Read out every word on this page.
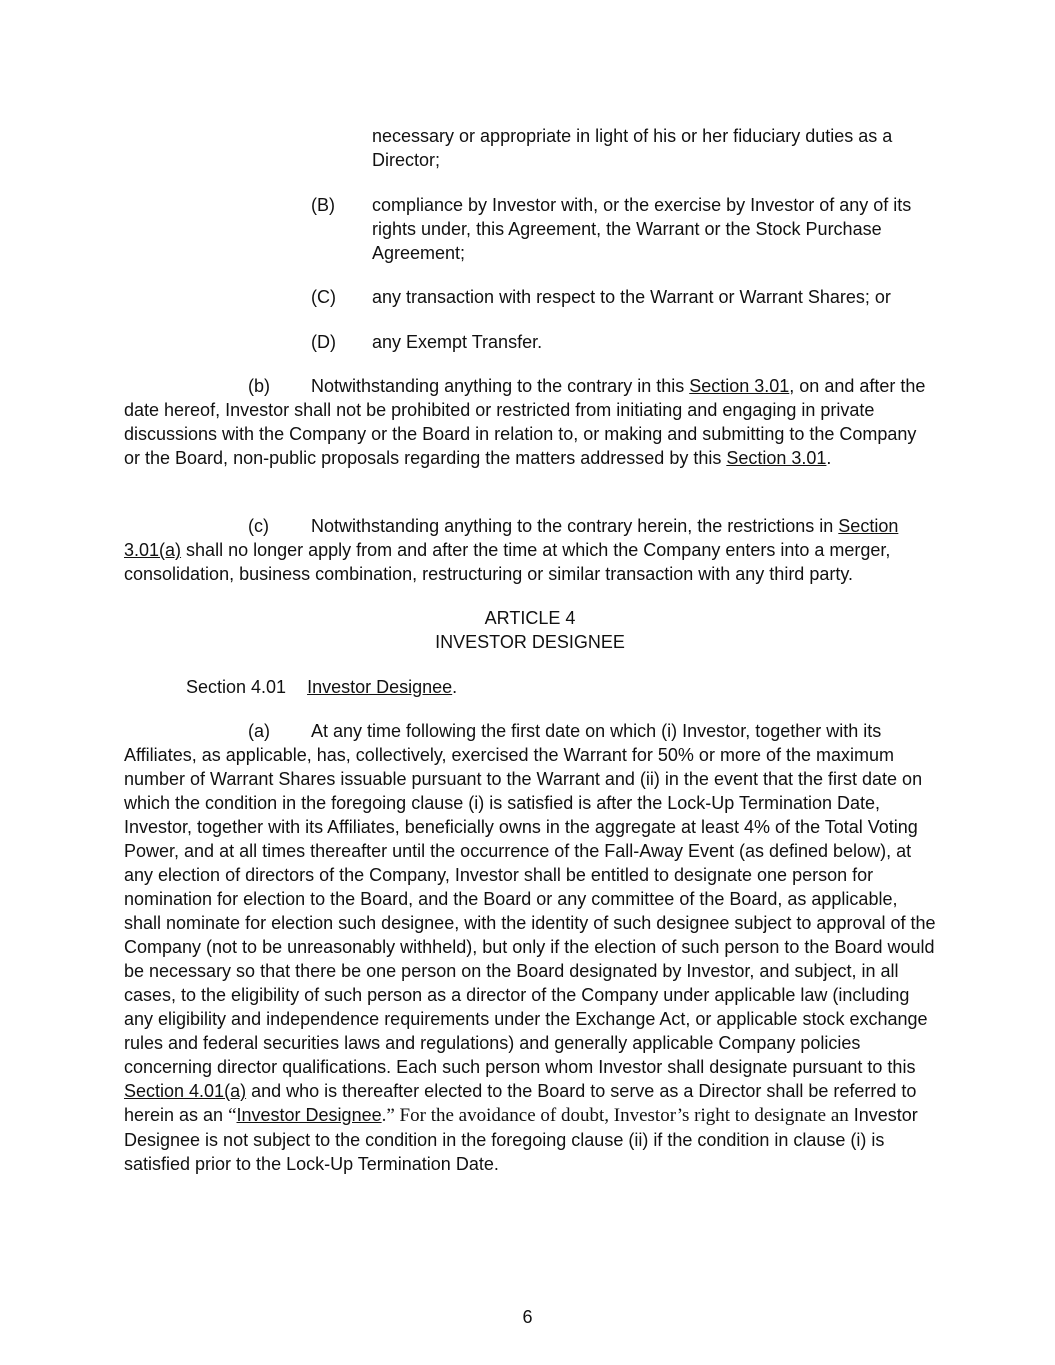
necessary or appropriate in light of his or her fiduciary duties as a Director;
(B) compliance by Investor with, or the exercise by Investor of any of its rights under, this Agreement, the Warrant or the Stock Purchase Agreement;
(C) any transaction with respect to the Warrant or Warrant Shares; or
(D) any Exempt Transfer.
(b) Notwithstanding anything to the contrary in this Section 3.01, on and after the date hereof, Investor shall not be prohibited or restricted from initiating and engaging in private discussions with the Company or the Board in relation to, or making and submitting to the Company or the Board, non-public proposals regarding the matters addressed by this Section 3.01.
(c) Notwithstanding anything to the contrary herein, the restrictions in Section 3.01(a) shall no longer apply from and after the time at which the Company enters into a merger, consolidation, business combination, restructuring or similar transaction with any third party.
ARTICLE 4
INVESTOR DESIGNEE
Section 4.01 Investor Designee.
(a) At any time following the first date on which (i) Investor, together with its Affiliates, as applicable, has, collectively, exercised the Warrant for 50% or more of the maximum number of Warrant Shares issuable pursuant to the Warrant and (ii) in the event that the first date on which the condition in the foregoing clause (i) is satisfied is after the Lock-Up Termination Date, Investor, together with its Affiliates, beneficially owns in the aggregate at least 4% of the Total Voting Power, and at all times thereafter until the occurrence of the Fall-Away Event (as defined below), at any election of directors of the Company, Investor shall be entitled to designate one person for nomination for election to the Board, and the Board or any committee of the Board, as applicable, shall nominate for election such designee, with the identity of such designee subject to approval of the Company (not to be unreasonably withheld), but only if the election of such person to the Board would be necessary so that there be one person on the Board designated by Investor, and subject, in all cases, to the eligibility of such person as a director of the Company under applicable law (including any eligibility and independence requirements under the Exchange Act, or applicable stock exchange rules and federal securities laws and regulations) and generally applicable Company policies concerning director qualifications. Each such person whom Investor shall designate pursuant to this Section 4.01(a) and who is thereafter elected to the Board to serve as a Director shall be referred to herein as an “Investor Designee.” For the avoidance of doubt, Investor’s right to designate an Investor Designee is not subject to the condition in the foregoing clause (ii) if the condition in clause (i) is satisfied prior to the Lock-Up Termination Date.
6
